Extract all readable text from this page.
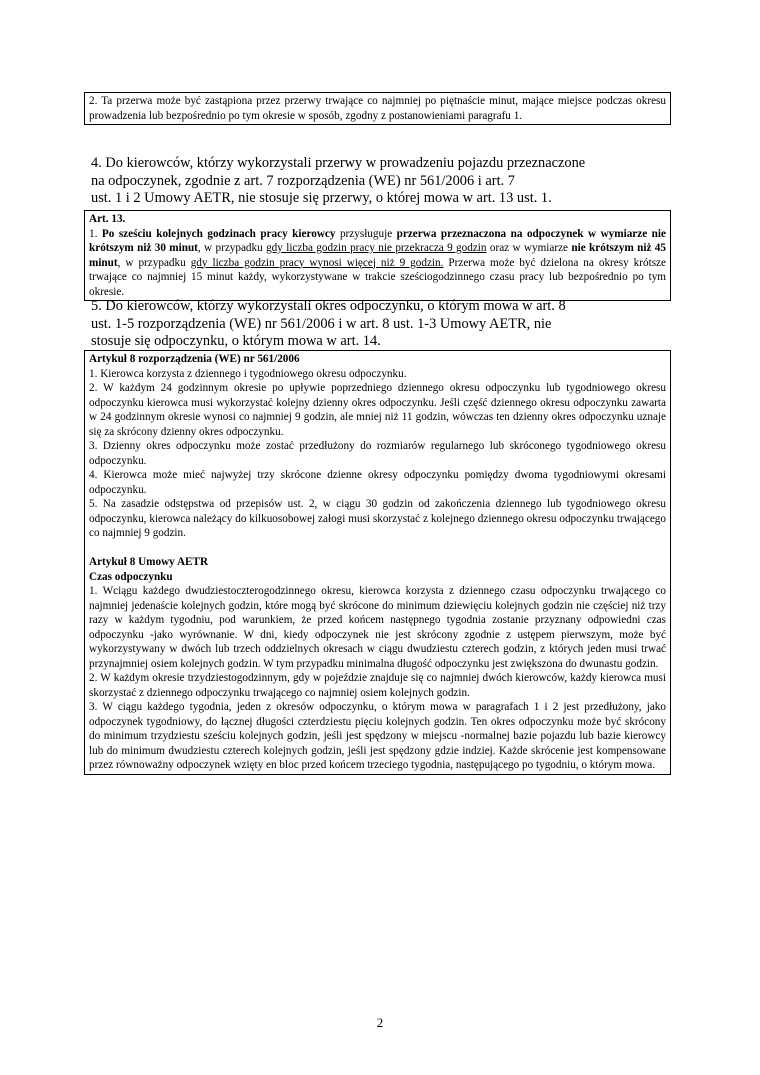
2. Ta przerwa może być zastąpiona przez przerwy trwające co najmniej po piętnaście minut, mające miejsce podczas okresu prowadzenia lub bezpośrednio po tym okresie w sposób, zgodny z postanowieniami paragrafu 1.

4. Do kierowców, którzy wykorzystali przerwy w prowadzeniu pojazdu przeznaczone
na odpoczynek, zgodnie z art. 7 rozporządzenia (WE) nr 561/2006 i art. 7
ust. 1 i 2 Umowy AETR, nie stosuje się przerwy, o której mowa w art. 13 ust. 1.

Art. 13.

1. Po sześciu kolejnych godzinach pracy kierowcy przysługuje przerwa przeznaczona na odpoczynek w wymiarze nie krótszym niż 30 minut, w przypadku gdy liczba godzin pracy nie przekracza 9 godzin oraz w wymiarze nie krótszym niż 45 minut, w przypadku gdy liczba godzin pracy wynosi więcej niż 9 godzin. Przerwa może być dzielona na okresy krótsze trwające co najmniej 15 minut każdy, wykorzystywane w trakcie sześciogodzinnego czasu pracy lub bezpośrednio po tym okresie.

5. Do kierowców, którzy wykorzystali okres odpoczynku, o którym mowa w art. 8
ust. 1-5 rozporządzenia (WE) nr 561/2006 i w art. 8 ust. 1-3 Umowy AETR, nie
stosuje się odpoczynku, o którym mowa w art. 14.

Artykuł 8 rozporządzenia (WE) nr 561/2006

1. Kierowca korzysta z dziennego i tygodniowego okresu odpoczynku.

2. W każdym 24 godzinnym okresie po upływie poprzedniego dziennego okresu odpoczynku lub tygodniowego okresu odpoczynku kierowca musi wykorzystać kolejny dzienny okres odpoczynku. Jeśli część dziennego okresu odpoczynku zawarta w 24 godzinnym okresie wynosi co najmniej 9 godzin, ale mniej niż 11 godzin, wówczas ten dzienny okres odpoczynku uznaje się za skrócony dzienny okres odpoczynku.

3. Dzienny okres odpoczynku może zostać przedłużony do rozmiarów regularnego lub skróconego tygodniowego okresu odpoczynku.

4. Kierowca może mieć najwyżej trzy skrócone dzienne okresy odpoczynku pomiędzy dwoma tygodniowymi okresami odpoczynku.

5. Na zasadzie odstępstwa od przepisów ust. 2, w ciągu 30 godzin od zakończenia dziennego lub tygodniowego okresu odpoczynku, kierowca należący do kilkuosobowej załogi musi skorzystać z kolejnego dziennego okresu odpoczynku trwającego co najmniej 9 godzin.

Artykuł 8 Umowy AETR

Czas odpoczynku

1. Wciągu każdego dwudziestoczterogodzinnego okresu, kierowca korzysta z dziennego czasu odpoczynku trwającego co najmniej jedenaście kolejnych godzin, które mogą być skrócone do minimum dziewięciu kolejnych godzin nie częściej niż trzy razy w każdym tygodniu, pod warunkiem, że przed końcem następnego tygodnia zostanie przyznany odpowiedni czas odpoczynku -jako wyrównanie. W dni, kiedy odpoczynek nie jest skrócony zgodnie z ustępem pierwszym, może być wykorzystywany w dwóch lub trzech oddzielnych okresach w ciągu dwudziestu czterech godzin, z których jeden musi trwać przynajmniej osiem kolejnych godzin. W tym przypadku minimalna długość odpoczynku jest zwiększona do dwunastu godzin.

2. W każdym okresie trzydziestogodzinnym, gdy w pojeździe znajduje się co najmniej dwóch kierowców, każdy kierowca musi skorzystać z dziennego odpoczynku trwającego co najmniej osiem kolejnych godzin.

3. W ciągu każdego tygodnia, jeden z okresów odpoczynku, o którym mowa w paragrafach 1 i 2 jest przedłużony, jako odpoczynek tygodniowy, do łącznej długości czterdziestu pięciu kolejnych godzin. Ten okres odpoczynku może być skrócony do minimum trzydziestu sześciu kolejnych godzin, jeśli jest spędzony w miejscu -normalnej bazie pojazdu lub bazie kierowcy lub do minimum dwudziestu czterech kolejnych godzin, jeśli jest spędzony gdzie indziej. Każde skrócenie jest kompensowane przez równoważny odpoczynek wzięty en bloc przed końcem trzeciego tygodnia, następującego po tygodniu, o którym mowa.

2
